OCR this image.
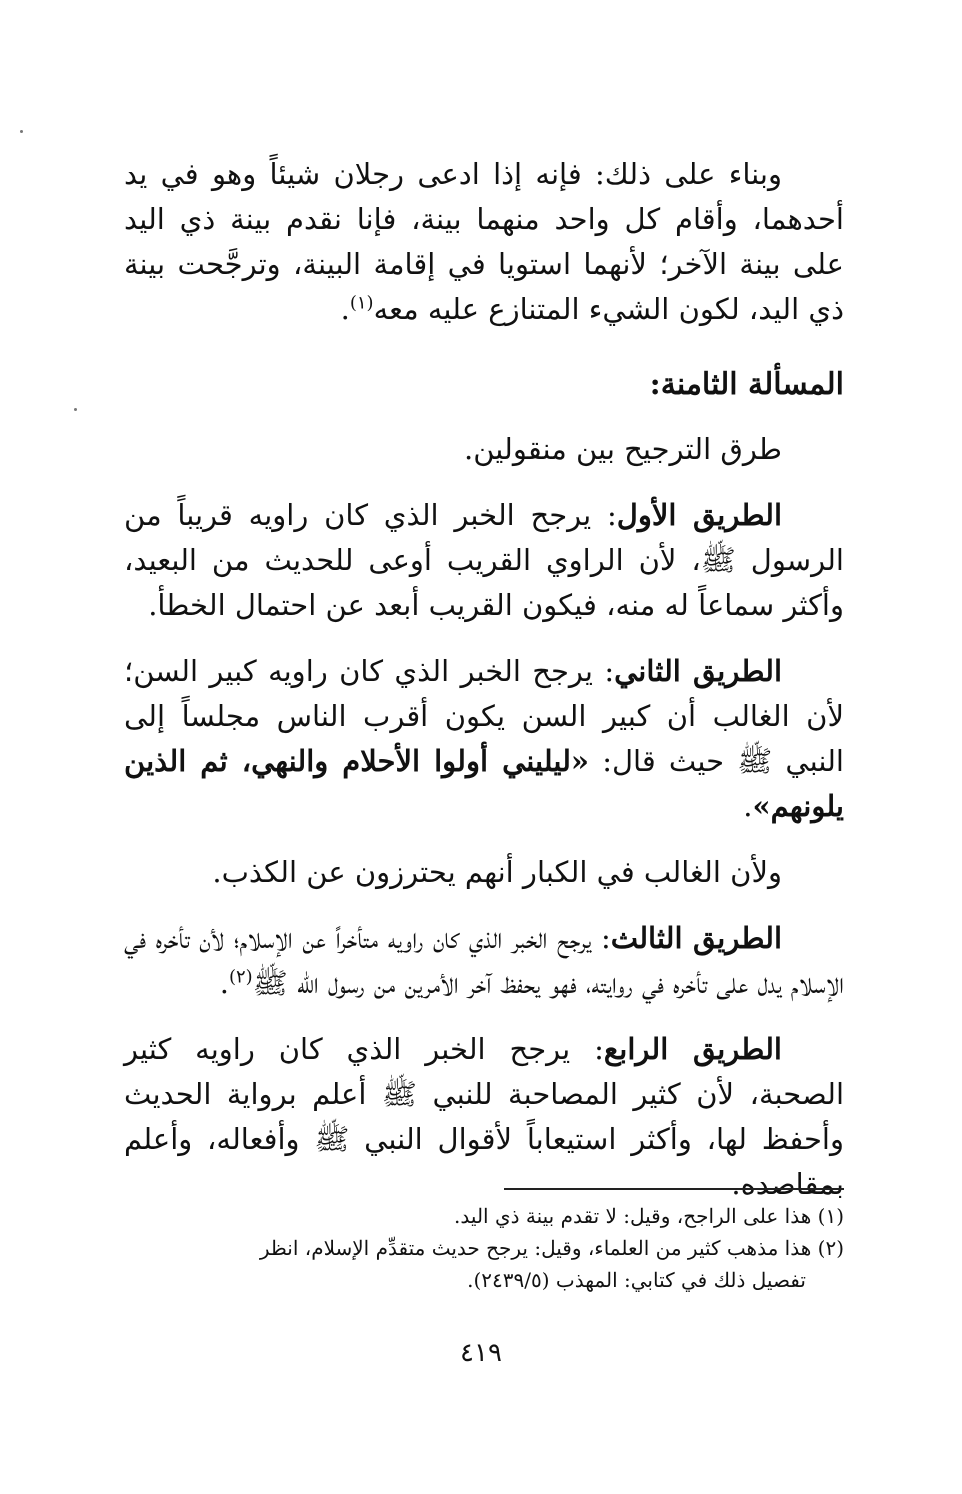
وبناء على ذلك: فإنه إذا ادعى رجلان شيئاً وهو في يد أحدهما، وأقام كل واحد منهما بينة، فإنا نقدم بينة ذي اليد على بينة الآخر؛ لأنهما استويا في إقامة البينة، وترجَّحت بينة ذي اليد، لكون الشيء المتنازع عليه معه$^{(١)}$.

المسألة الثامنة:

طرق الترجيح بين منقولين.

الطريق الأول: يرجح الخبر الذي كان راويه قريباً من الرسول ﷺ، لأن الراوي القريب أوعى للحديث من البعيد، وأكثر سماعاً له منه، فيكون القريب أبعد عن احتمال الخطأ.

الطريق الثاني: يرجح الخبر الذي كان راويه كبير السن؛ لأن الغالب أن كبير السن يكون أقرب الناس مجلساً إلى النبي ﷺ حيث قال: «ليليني أولوا الأحلام والنهي، ثم الذين يلونهم».

ولأن الغالب في الكبار أنهم يحترزون عن الكذب.

الطريق الثالث: يرجح الخبر الذي كان راويه متأخراً عن الإسلام؛ لأن تأخره في الإسلام يدل على تأخره في روايته، فهو يحفظ آخر الأمرين من رسول الله ﷺ$^{(٢)}$.

الطريق الرابع: يرجح الخبر الذي كان راويه كثير الصحبة، لأن كثير المصاحبة للنبي ﷺ أعلم برواية الحديث وأحفظ لها، وأكثر استيعاباً لأقوال النبي ﷺ وأفعاله، وأعلم بمقاصده.

(١) هذا على الراجح، وقيل: لا تقدم بينة ذي اليد.

(٢) هذا مذهب كثير من العلماء، وقيل: يرجح حديث متقدِّم الإسلام، انظر

تفصيل ذلك في كتابي: المهذب (٢٤٣٩/٥).

٤١٩
